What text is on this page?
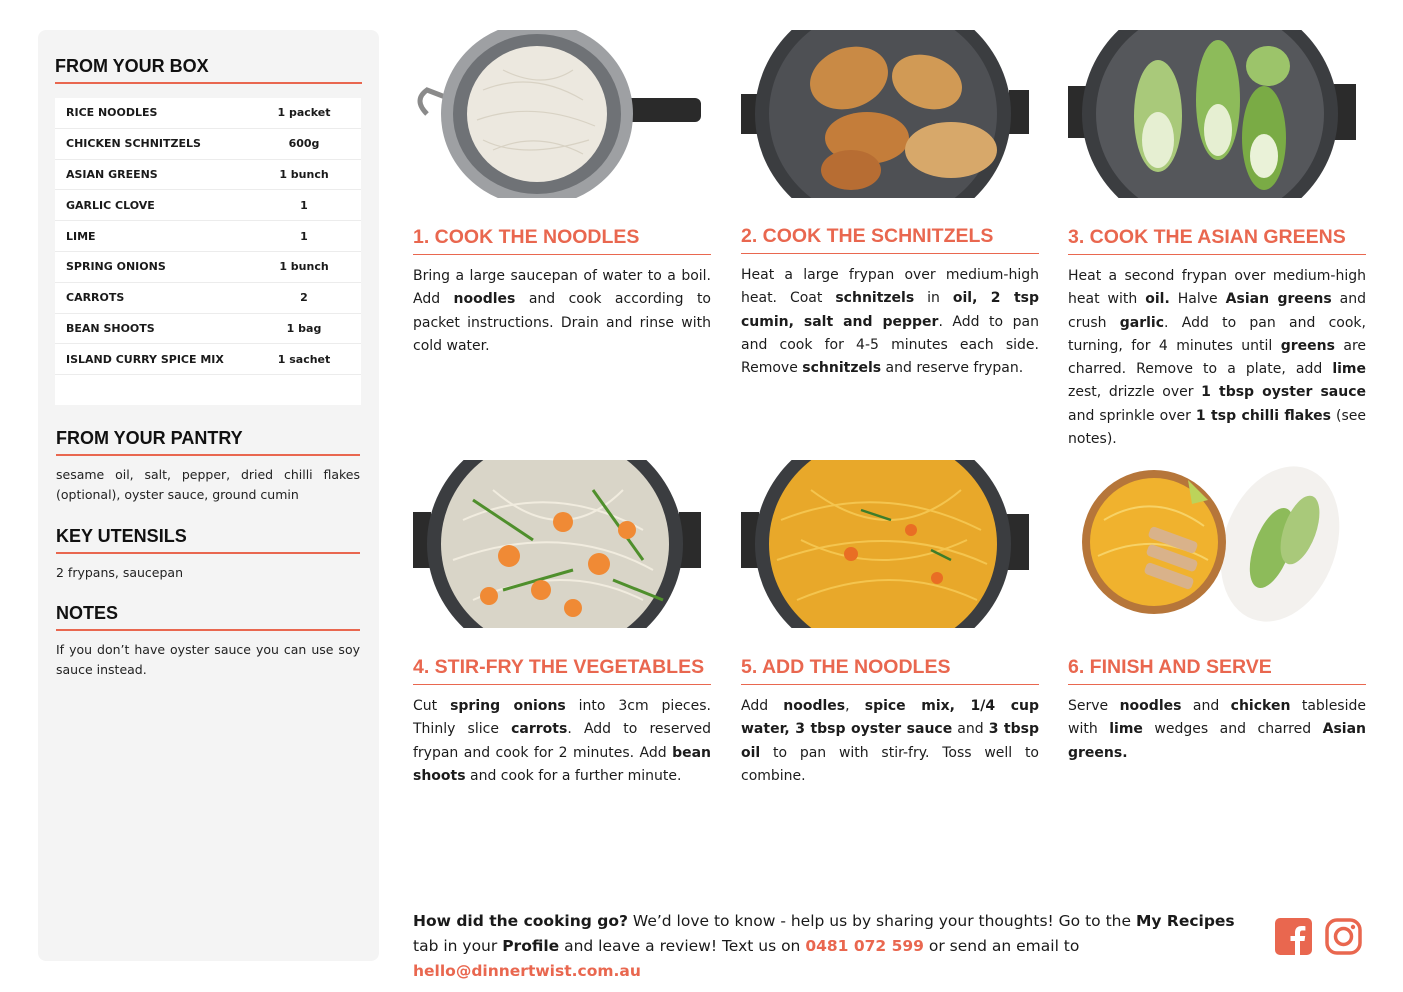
FROM YOUR BOX
RICE NOODLES	1 packet
CHICKEN SCHNITZELS	600g
ASIAN GREENS	1 bunch
GARLIC CLOVE	1
LIME	1
SPRING ONIONS	1 bunch
CARROTS	2
BEAN SHOOTS	1 bag
ISLAND CURRY SPICE MIX	1 sachet
FROM YOUR PANTRY
sesame oil, salt, pepper, dried chilli flakes (optional), oyster sauce, ground cumin
KEY UTENSILS
2 frypans, saucepan
NOTES
If you don’t have oyster sauce you can use soy sauce instead.
1. COOK THE NOODLES
Bring a large saucepan of water to a boil. Add noodles and cook according to packet instructions. Drain and rinse with cold water.
2. COOK THE SCHNITZELS
Heat a large frypan over medium-high heat. Coat schnitzels in oil, 2 tsp cumin, salt and pepper. Add to pan and cook for 4-5 minutes each side. Remove schnitzels and reserve frypan.
3. COOK THE ASIAN GREENS
Heat a second frypan over medium-high heat with oil. Halve Asian greens and crush garlic. Add to pan and cook, turning, for 4 minutes until greens are charred. Remove to a plate, add lime zest, drizzle over 1 tbsp oyster sauce and sprinkle over 1 tsp chilli flakes (see notes).
4. STIR-FRY THE VEGETABLES
Cut spring onions into 3cm pieces. Thinly slice carrots. Add to reserved frypan and cook for 2 minutes. Add bean shoots and cook for a further minute.
5. ADD THE NOODLES
Add noodles, spice mix, 1/4 cup water, 3 tbsp oyster sauce and 3 tbsp oil to pan with stir-fry. Toss well to combine.
6. FINISH AND SERVE
Serve noodles and chicken tableside with lime wedges and charred Asian greens.
How did the cooking go? We’d love to know - help us by sharing your thoughts! Go to the My Recipes tab in your Profile and leave a review! Text us on 0481 072 599 or send an email to hello@dinnertwist.com.au
